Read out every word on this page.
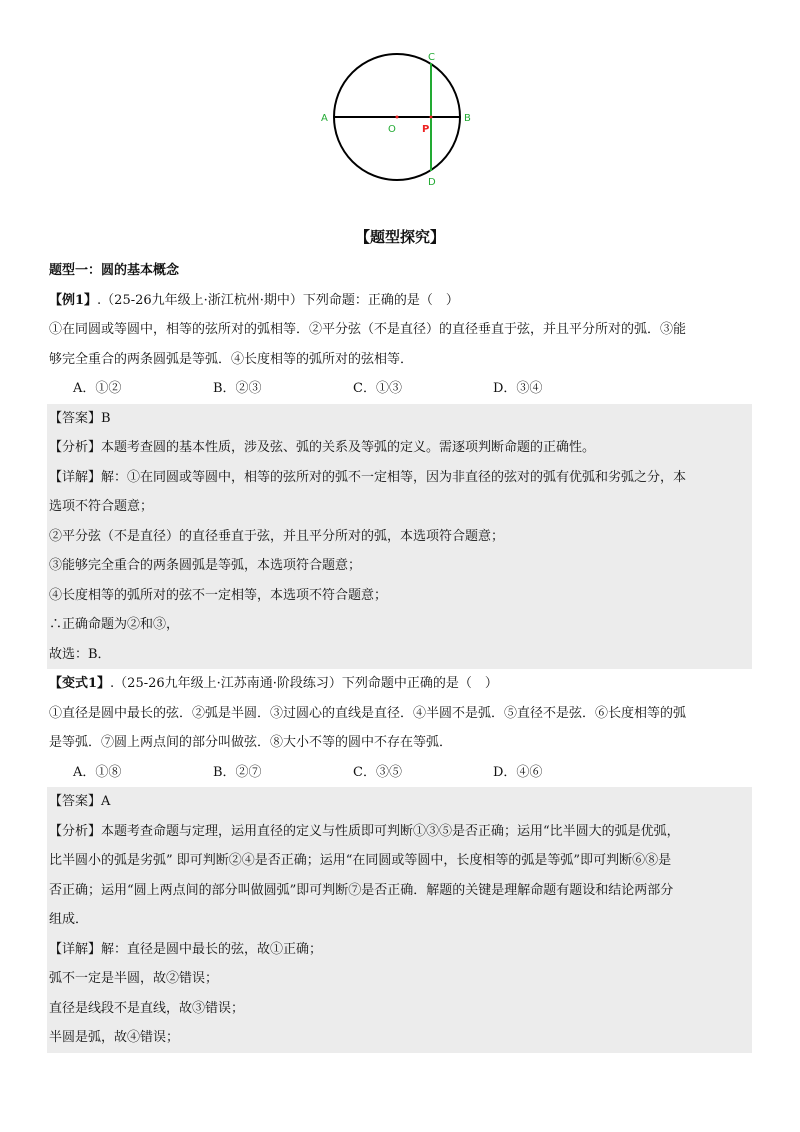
A	B
C
D
O	P
【题型探究】
题型一：圆的基本概念
【例1】.（25-26九年级上·浙江杭州·期中）下列命题：正确的是（　）
①在同圆或等圆中，相等的弦所对的弧相等．②平分弦（不是直径）的直径垂直于弦，并且平分所对的弧．③能
够完全重合的两条圆弧是等弧．④长度相等的弧所对的弦相等．
A．①②	B．②③	C．①③	D．③④
【答案】B
【分析】本题考查圆的基本性质，涉及弦、弧的关系及等弧的定义。需逐项判断命题的正确性。
【详解】解：①在同圆或等圆中，相等的弦所对的弧不一定相等，因为非直径的弦对的弧有优弧和劣弧之分，本
选项不符合题意；
②平分弦（不是直径）的直径垂直于弦，并且平分所对的弧，本选项符合题意；
③能够完全重合的两条圆弧是等弧，本选项符合题意；
④长度相等的弧所对的弦不一定相等，本选项不符合题意；
∴正确命题为②和③，
故选：B．
【变式1】.（25-26九年级上·江苏南通·阶段练习）下列命题中正确的是（　）
①直径是圆中最长的弦．②弧是半圆．③过圆心的直线是直径．④半圆不是弧．⑤直径不是弦．⑥长度相等的弧
是等弧．⑦圆上两点间的部分叫做弦．⑧大小不等的圆中不存在等弧．
A．①⑧	B．②⑦	C．③⑤	D．④⑥
【答案】A
【分析】本题考查命题与定理，运用直径的定义与性质即可判断①③⑤是否正确；运用“比半圆大的弧是优弧，
比半圆小的弧是劣弧” 即可判断②④是否正确；运用“在同圆或等圆中，长度相等的弧是等弧”即可判断⑥⑧是
否正确；运用“圆上两点间的部分叫做圆弧”即可判断⑦是否正确．解题的关键是理解命题有题设和结论两部分
组成．
【详解】解：直径是圆中最长的弦，故①正确；
弧不一定是半圆，故②错误；
直径是线段不是直线，故③错误；
半圆是弧，故④错误；
